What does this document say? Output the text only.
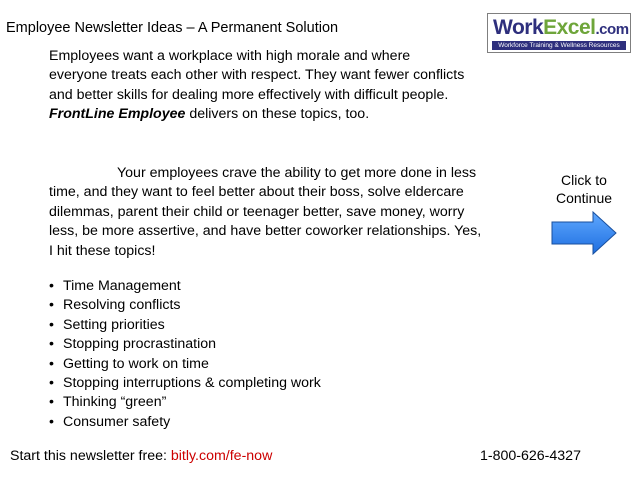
Employee Newsletter Ideas – A Permanent Solution	WorkExcel.com
Workforce Training & Wellness Resources
Employees want a workplace with high morale and where everyone treats each other with respect. They want fewer conflicts and better skills for dealing more effectively with difficult people. FrontLine Employee delivers on these topics, too.
Your employees crave the ability to get more done in less time, and they want to feel better about their boss, solve eldercare dilemmas, parent their child or teenager better, save money, worry less, be more assertive, and have better coworker relationships. Yes, I hit these topics!
• Time Management
• Resolving conflicts
• Setting priorities
• Stopping procrastination
• Getting to work on time
• Stopping interruptions & completing work
• Thinking “green”
• Consumer safety
Click to
Continue
Start this newsletter free: bitly.com/fe-now	1-800-626-4327
